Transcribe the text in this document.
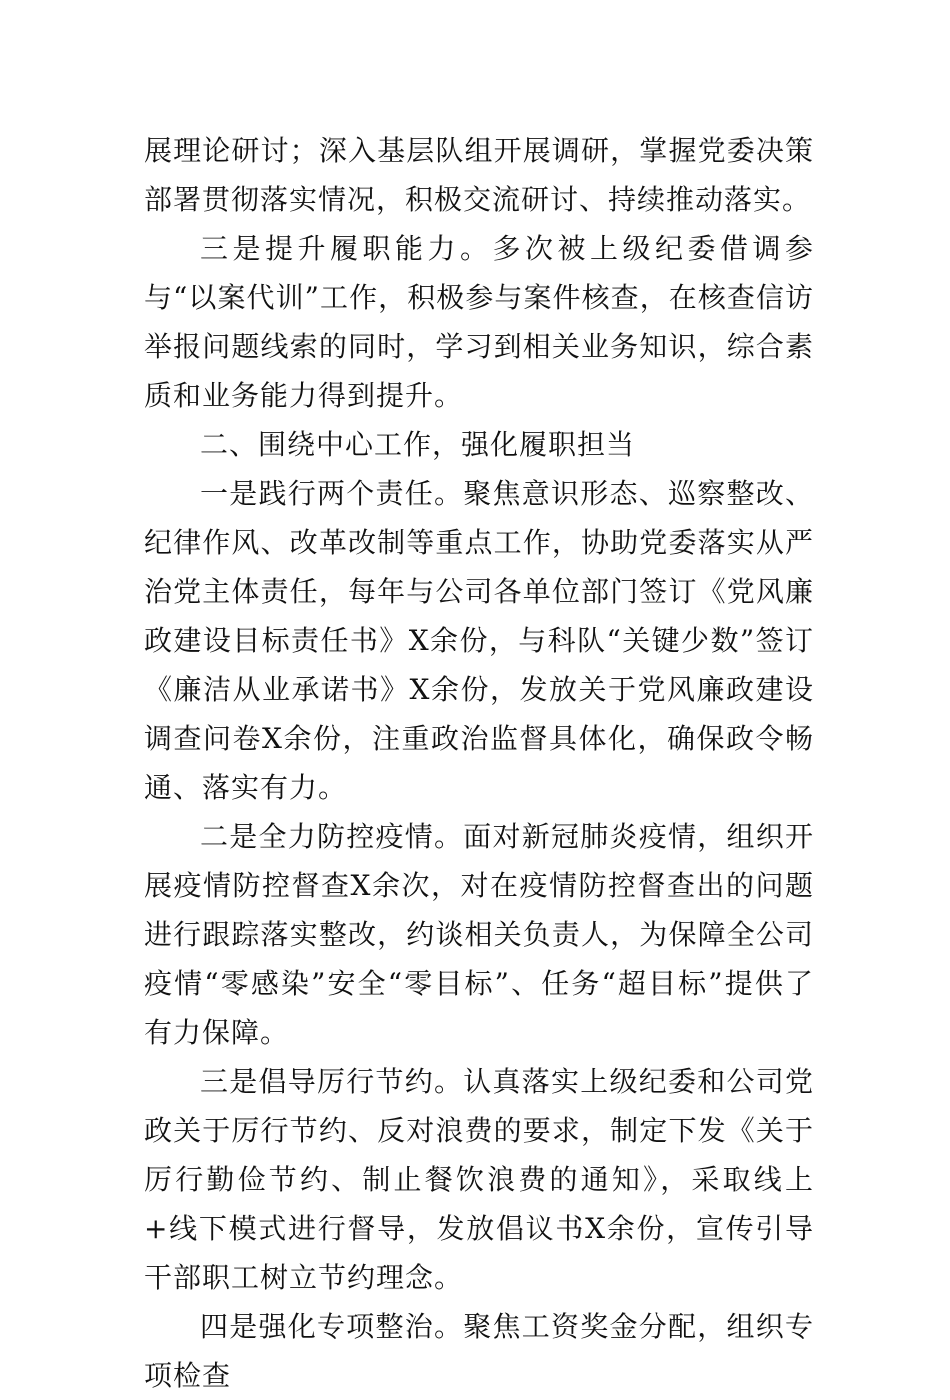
展理论研讨；深入基层队组开展调研，掌握党委决策部署贯彻落实情况，积极交流研讨、持续推动落实。

三是提升履职能力。多次被上级纪委借调参与“以案代训”工作，积极参与案件核查，在核查信访举报问题线索的同时，学习到相关业务知识，综合素质和业务能力得到提升。

二、围绕中心工作，强化履职担当

一是践行两个责任。聚焦意识形态、巡察整改、纪律作风、改革改制等重点工作，协助党委落实从严治党主体责任，每年与公司各单位部门签订《党风廉政建设目标责任书》X余份，与科队“关键少数”签订《廉洁从业承诺书》X余份，发放关于党风廉政建设调查问卷X余份，注重政治监督具体化，确保政令畅通、落实有力。

二是全力防控疫情。面对新冠肺炎疫情，组织开展疫情防控督查X余次，对在疫情防控督查出的问题进行跟踪落实整改，约谈相关负责人，为保障全公司疫情“零感染”安全“零目标”、任务“超目标”提供了有力保障。

三是倡导厉行节约。认真落实上级纪委和公司党政关于厉行节约、反对浪费的要求，制定下发《关于厉行勤俭节约、制止餐饮浪费的通知》，采取线上+线下模式进行督导，发放倡议书X余份，宣传引导干部职工树立节约理念。

四是强化专项整治。聚焦工资奖金分配，组织专项检查
